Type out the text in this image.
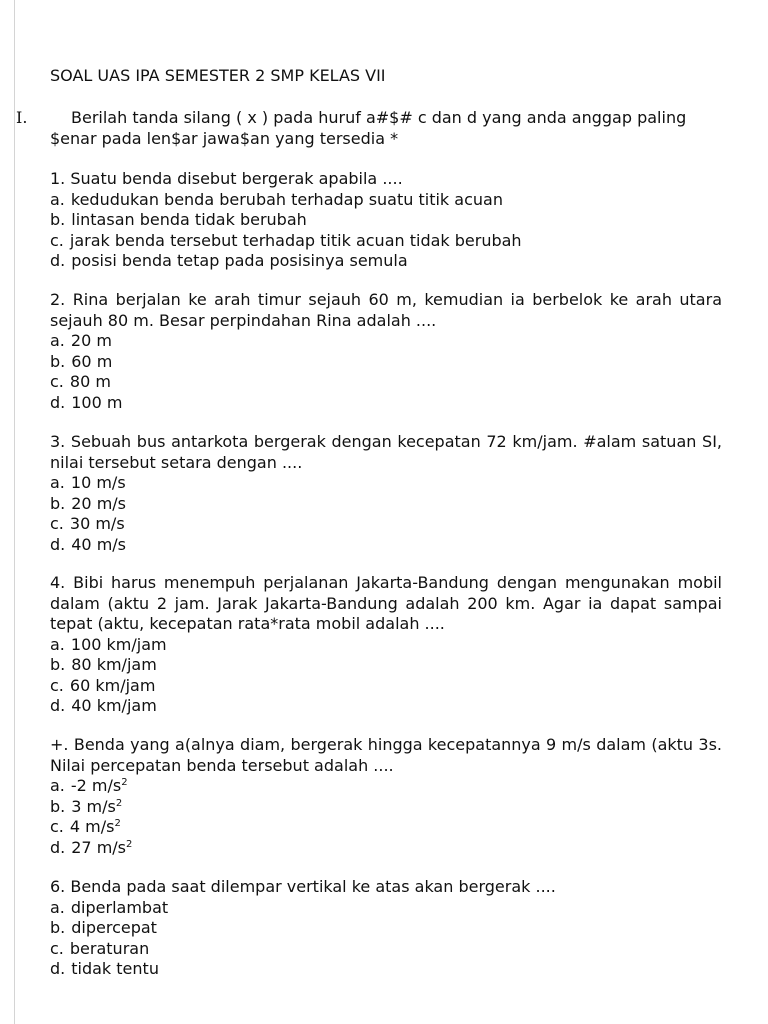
SOAL UAS IPA SEMESTER 2 SMP KELAS VII
I.	Berilah tanda silang ( x ) pada huruf a#$# c dan d yang anda anggap paling $enar pada len$ar jawa$an yang tersedia *
1. Suatu benda disebut bergerak apabila ....
a. kedudukan benda berubah terhadap suatu titik acuan
b. lintasan benda tidak berubah
c. jarak benda tersebut terhadap titik acuan tidak berubah
d. posisi benda tetap pada posisinya semula
2. Rina berjalan ke arah timur sejauh 60 m, kemudian ia berbelok ke arah utara sejauh 80 m. Besar perpindahan Rina adalah ....
a. 20 m
b. 60 m
c. 80 m
d. 100 m
3. Sebuah bus antarkota bergerak dengan kecepatan 72 km/jam. #alam satuan SI, nilai tersebut setara dengan ....
a. 10 m/s
b. 20 m/s
c. 30 m/s
d. 40 m/s
4. Bibi harus menempuh perjalanan Jakarta-Bandung dengan mengunakan mobil dalam (aktu 2 jam. Jarak Jakarta-Bandung adalah 200 km. Agar ia dapat sampai tepat (aktu, kecepatan rata*rata mobil adalah ....
a. 100 km/jam
b. 80 km/jam
c. 60 km/jam
d. 40 km/jam
+. Benda yang a(alnya diam, bergerak hingga kecepatannya 9 m/s dalam (aktu 3s. Nilai percepatan benda tersebut adalah ....
a. -2 $m/s^2$
b. 3 $m/s^2$
c. 4 $m/s^2$
d. 27 $m/s^2$
6. Benda pada saat dilempar vertikal ke atas akan bergerak ....
a. diperlambat
b. dipercepat
c. beraturan
d. tidak tentu
